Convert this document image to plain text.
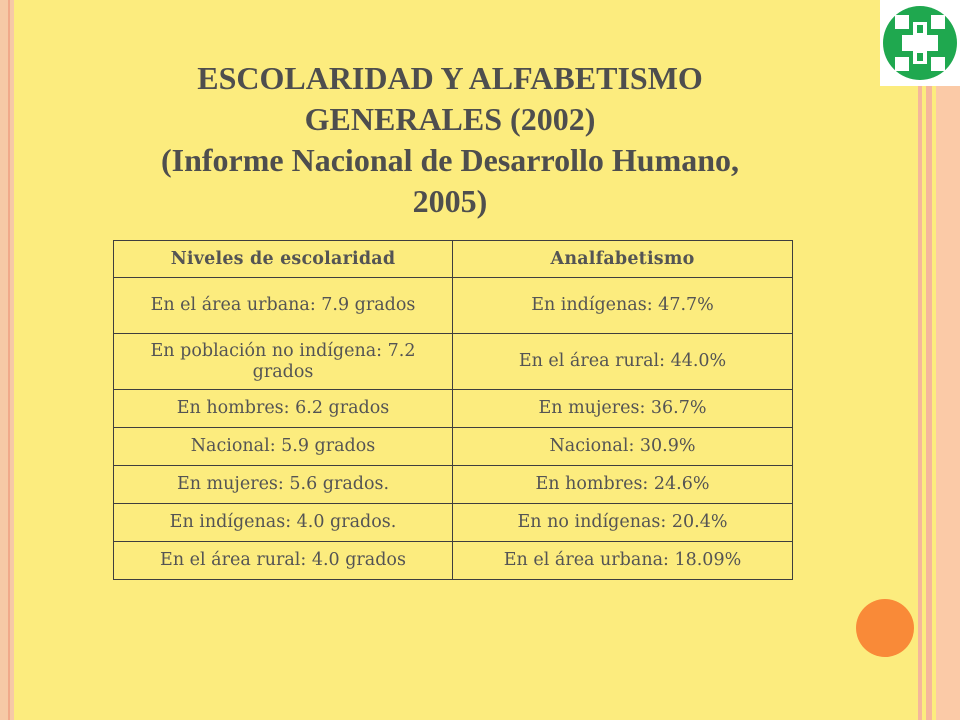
ESCOLARIDAD Y ALFABETISMO
GENERALES (2002)
(Informe Nacional de Desarrollo Humano,
2005)
Niveles de escolaridad	Analfabetismo
En el área urbana: 7.9 grados	En indígenas: 47.7%
En población no indígena: 7.2 grados	En el área rural: 44.0%
En hombres: 6.2 grados	En mujeres: 36.7%
Nacional: 5.9 grados	Nacional: 30.9%
En mujeres: 5.6 grados.	En hombres: 24.6%
En indígenas: 4.0 grados.	En no indígenas: 20.4%
En el área rural: 4.0 grados	En el área urbana: 18.09%
